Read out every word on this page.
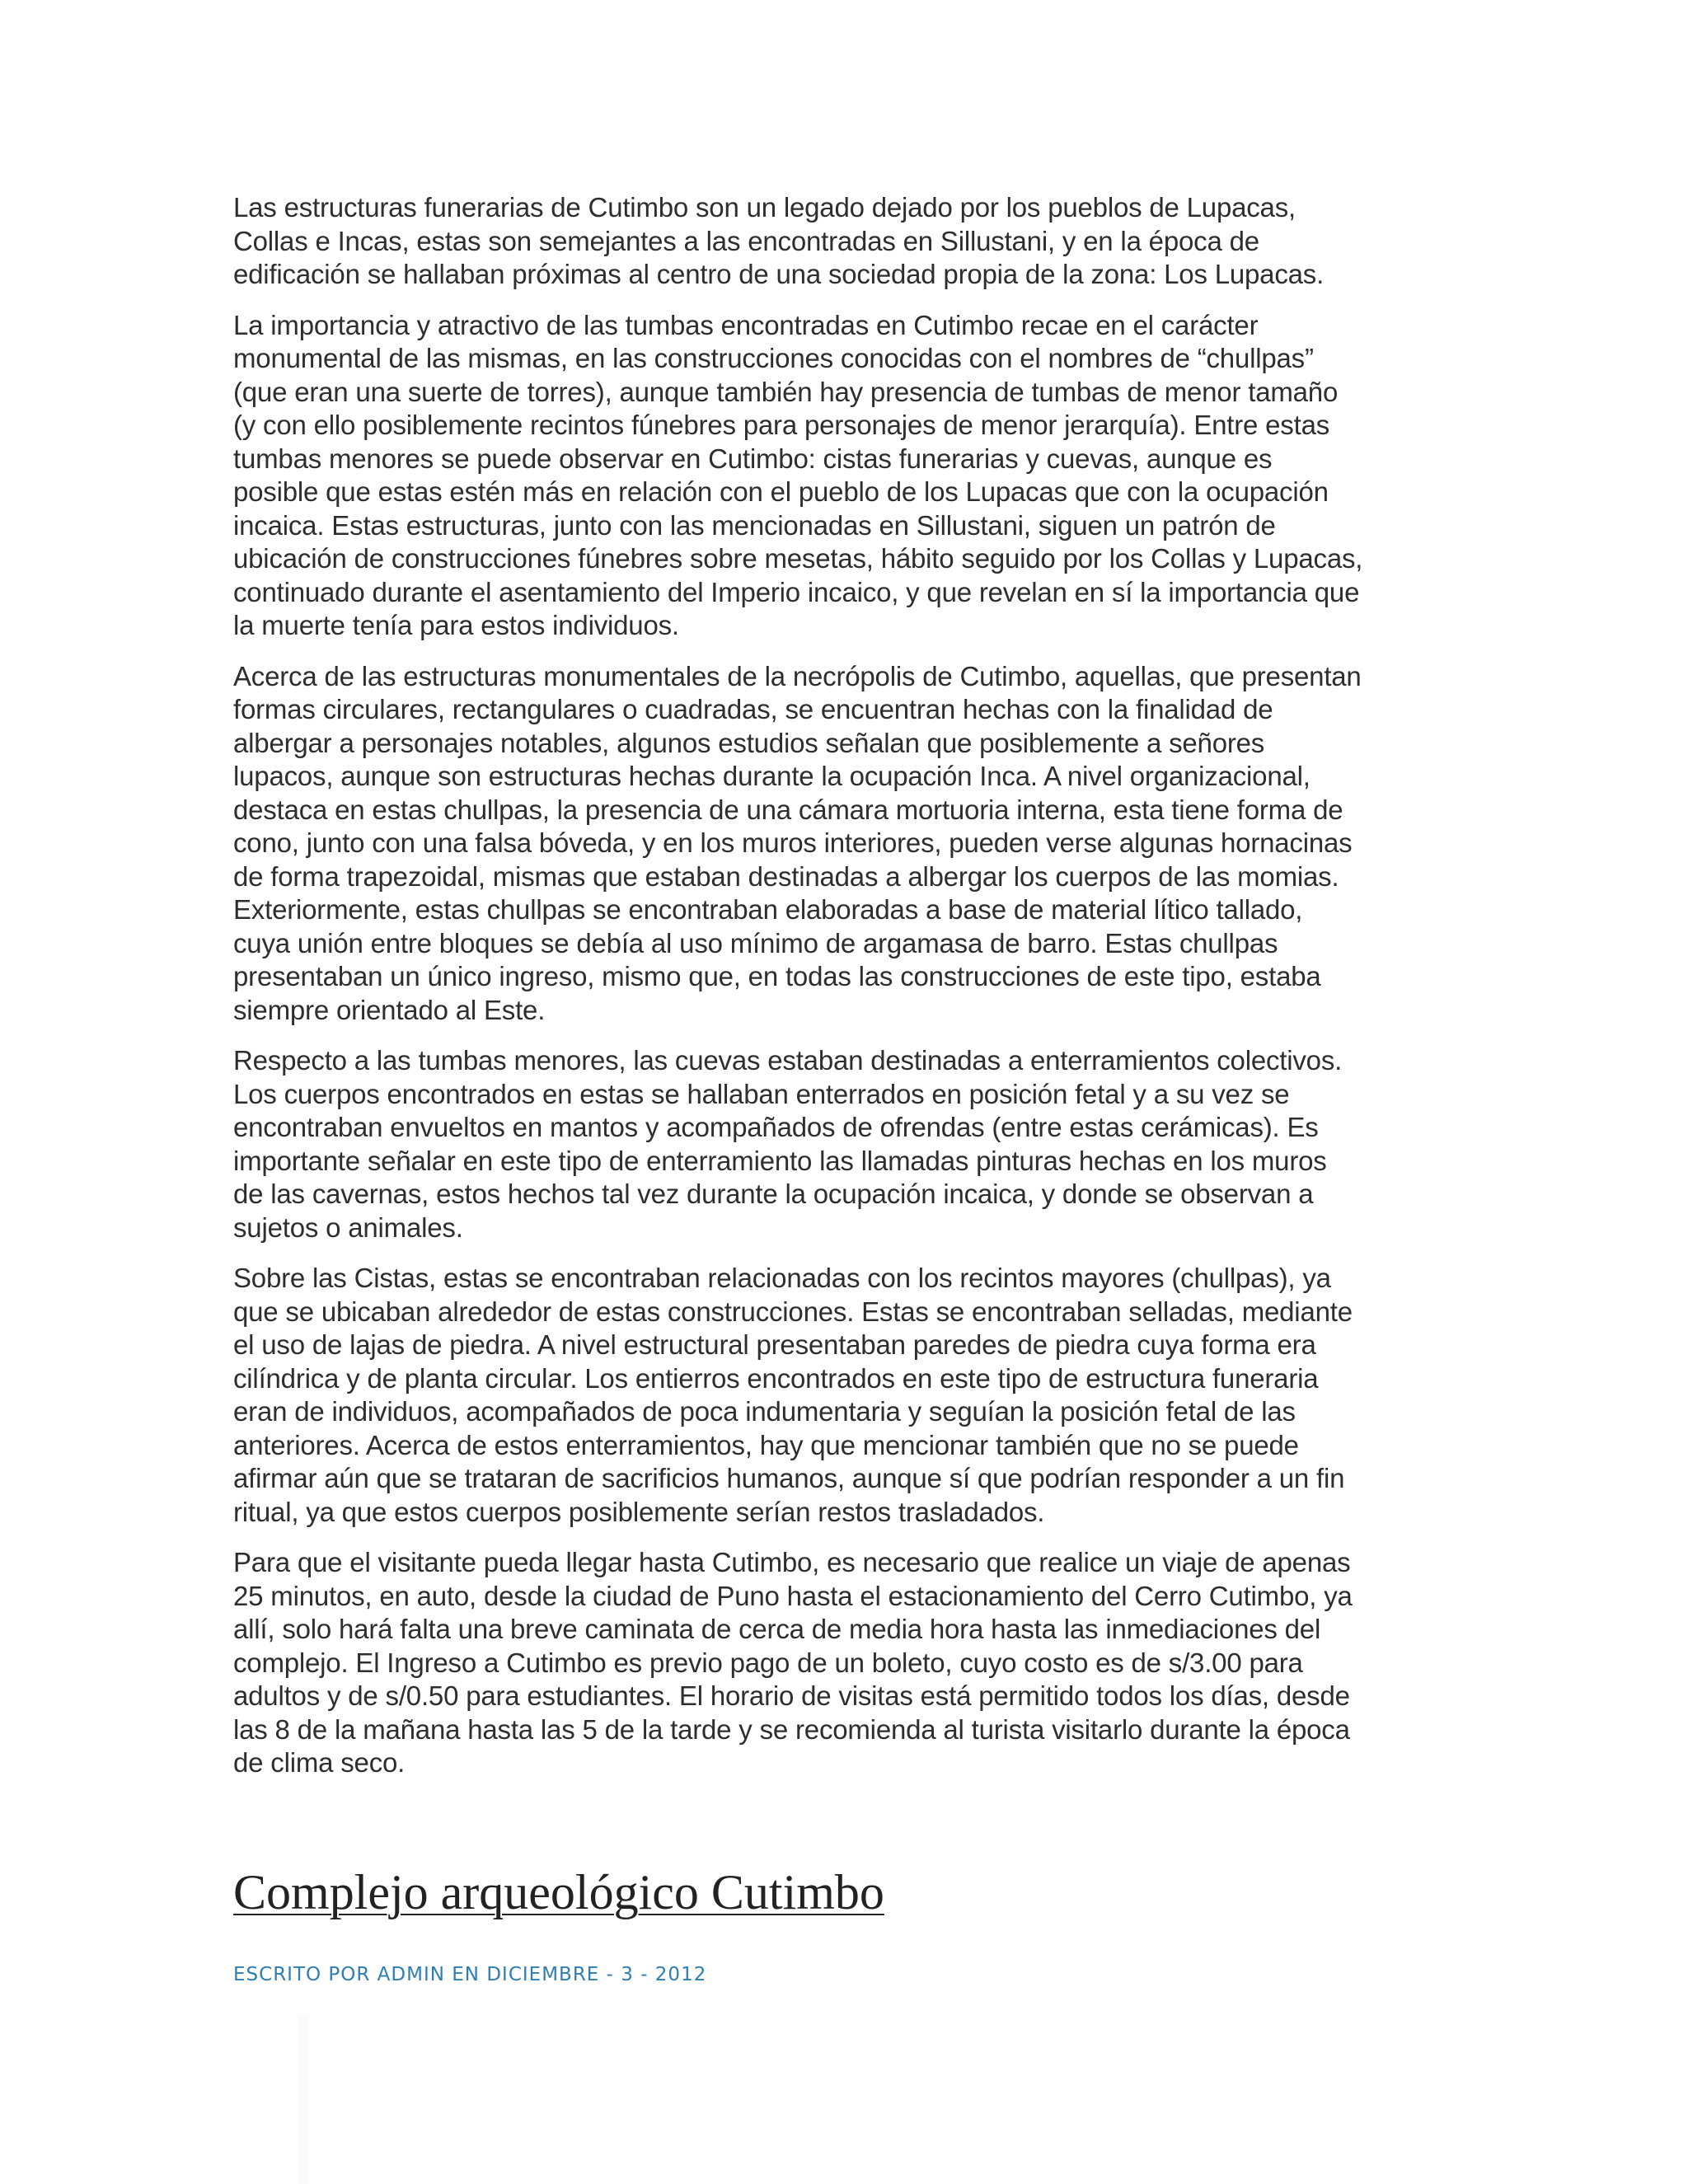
Las estructuras funerarias de Cutimbo son un legado dejado por los pueblos de Lupacas,
Collas e Incas, estas son semejantes a las encontradas en Sillustani, y en la época de
edificación se hallaban próximas al centro de una sociedad propia de la zona: Los Lupacas.

La importancia y atractivo de las tumbas encontradas en Cutimbo recae en el carácter
monumental de las mismas, en las construcciones conocidas con el nombres de “chullpas”
(que eran una suerte de torres), aunque también hay presencia de tumbas de menor tamaño
(y con ello posiblemente recintos fúnebres para personajes de menor jerarquía). Entre estas
tumbas menores se puede observar en Cutimbo: cistas funerarias y cuevas, aunque es
posible que estas estén más en relación con el pueblo de los Lupacas que con la ocupación
incaica. Estas estructuras, junto con las mencionadas en Sillustani, siguen un patrón de
ubicación de construcciones fúnebres sobre mesetas, hábito seguido por los Collas y Lupacas,
continuado durante el asentamiento del Imperio incaico, y que revelan en sí la importancia que
la muerte tenía para estos individuos.

Acerca de las estructuras monumentales de la necrópolis de Cutimbo, aquellas, que presentan
formas circulares, rectangulares o cuadradas, se encuentran hechas con la finalidad de
albergar a personajes notables, algunos estudios señalan que posiblemente a señores
lupacos, aunque son estructuras hechas durante la ocupación Inca. A nivel organizacional,
destaca en estas chullpas, la presencia de una cámara mortuoria interna, esta tiene forma de
cono, junto con una falsa bóveda, y en los muros interiores, pueden verse algunas hornacinas
de forma trapezoidal, mismas que estaban destinadas a albergar los cuerpos de las momias.
Exteriormente, estas chullpas se encontraban elaboradas a base de material lítico tallado,
cuya unión entre bloques se debía al uso mínimo de argamasa de barro. Estas chullpas
presentaban un único ingreso, mismo que, en todas las construcciones de este tipo, estaba
siempre orientado al Este.

Respecto a las tumbas menores, las cuevas estaban destinadas a enterramientos colectivos.
Los cuerpos encontrados en estas se hallaban enterrados en posición fetal y a su vez se
encontraban envueltos en mantos y acompañados de ofrendas (entre estas cerámicas). Es
importante señalar en este tipo de enterramiento las llamadas pinturas hechas en los muros
de las cavernas, estos hechos tal vez durante la ocupación incaica, y donde se observan a
sujetos o animales.

Sobre las Cistas, estas se encontraban relacionadas con los recintos mayores (chullpas), ya
que se ubicaban alrededor de estas construcciones. Estas se encontraban selladas, mediante
el uso de lajas de piedra. A nivel estructural presentaban paredes de piedra cuya forma era
cilíndrica y de planta circular. Los entierros encontrados en este tipo de estructura funeraria
eran de individuos, acompañados de poca indumentaria y seguían la posición fetal de las
anteriores. Acerca de estos enterramientos, hay que mencionar también que no se puede
afirmar aún que se trataran de sacrificios humanos, aunque sí que podrían responder a un fin
ritual, ya que estos cuerpos posiblemente serían restos trasladados.

Para que el visitante pueda llegar hasta Cutimbo, es necesario que realice un viaje de apenas
25 minutos, en auto, desde la ciudad de Puno hasta el estacionamiento del Cerro Cutimbo, ya
allí, solo hará falta una breve caminata de cerca de media hora hasta las inmediaciones del
complejo. El Ingreso a Cutimbo es previo pago de un boleto, cuyo costo es de s/3.00 para
adultos y de s/0.50 para estudiantes. El horario de visitas está permitido todos los días, desde
las 8 de la mañana hasta las 5 de la tarde y se recomienda al turista visitarlo durante la época
de clima seco.

Complejo arqueológico Cutimbo

ESCRITO POR ADMIN EN DICIEMBRE - 3 - 2012
